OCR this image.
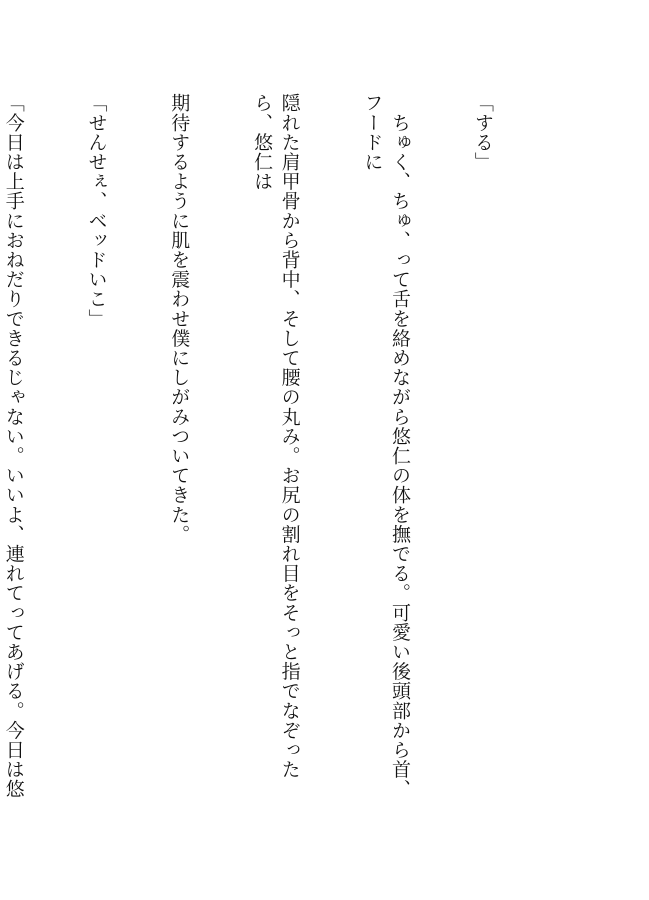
「する」

　ちゅく、ちゅ、って舌を絡めながら悠仁の体を撫でる。可愛い後頭部から首、フードに

隠れた肩甲骨から背中、そして腰の丸み。お尻の割れ目をそっと指でなぞったら、悠仁は

期待するように肌を震わせ僕にしがみついてきた。

「せんせぇ、ベッドいこ」

「今日は上手におねだりできるじゃない。いいよ、連れてってあげる。今日は悠
